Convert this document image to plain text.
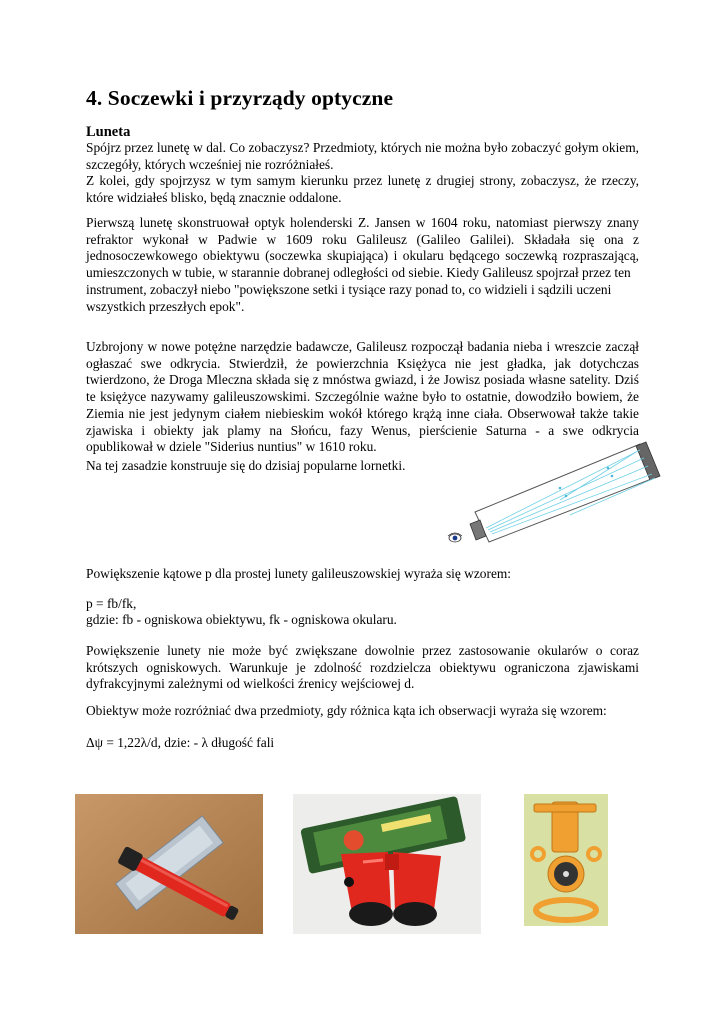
4. Soczewki i przyrządy optyczne

Luneta

Spójrz przez lunetę w dal. Co zobaczysz? Przedmioty, których nie można było zobaczyć gołym okiem,
szczegóły, których wcześniej nie rozróżniałeś.
Z kolei, gdy spojrzysz w tym samym kierunku przez lunetę z drugiej strony, zobaczysz, że rzeczy,
które widziałeś blisko, będą znacznie oddalone.
Pierwszą lunetę skonstruował optyk holenderski Z. Jansen w 1604 roku, natomiast pierwszy znany
refraktor wykonał w Padwie w 1609 roku Galileusz (Galileo Galilei). Składała się ona z
jednosoczewkowego obiektywu (soczewka skupiająca) i okularu będącego soczewką rozpraszającą,
umieszczonych w tubie, w starannie dobranej odległości od siebie. Kiedy Galileusz spojrzał przez ten
instrument, zobaczył niebo "powiększone setki i tysiące razy ponad to, co widzieli i sądzili uczeni
wszystkich przeszłych epok".
Uzbrojony w nowe potężne narzędzie badawcze, Galileusz rozpoczął badania nieba i wreszcie zaczął
ogłaszać swe odkrycia. Stwierdził, że powierzchnia Księżyca nie jest gładka, jak dotychczas
twierdzono, że Droga Mleczna składa się z mnóstwa gwiazd, i że Jowisz posiada własne satelity. Dziś
te księżyce nazywamy galileuszowskimi. Szczególnie ważne było to ostatnie, dowodziło bowiem, że
Ziemia nie jest jedynym ciałem niebieskim wokół którego krążą inne ciała. Obserwował także takie
zjawiska i obiekty jak plamy na Słońcu, fazy Wenus, pierścienie Saturna - a swe odkrycia
opublikował w dziele "Siderius nuntius" w 1610 roku.

Na tej zasadzie konstruuje się do dzisiaj popularne lornetki.

Powiększenie kątowe p dla prostej lunety galileuszowskiej wyraża się wzorem:

p = fb/fk,

gdzie: fb - ogniskowa obiektywu, fk - ogniskowa okularu.

Powiększenie lunety nie może być zwiększane dowolnie przez zastosowanie okularów o coraz
krótszych ogniskowych. Warunkuje je zdolność rozdzielcza obiektywu ograniczona zjawiskami
dyfrakcyjnymi zależnymi od wielkości źrenicy wejściowej d.

Obiektyw może rozróżniać dwa przedmioty, gdy różnica kąta ich obserwacji wyraża się wzorem:

Δψ = 1,22λ/d, dzie: - λ długość fali
